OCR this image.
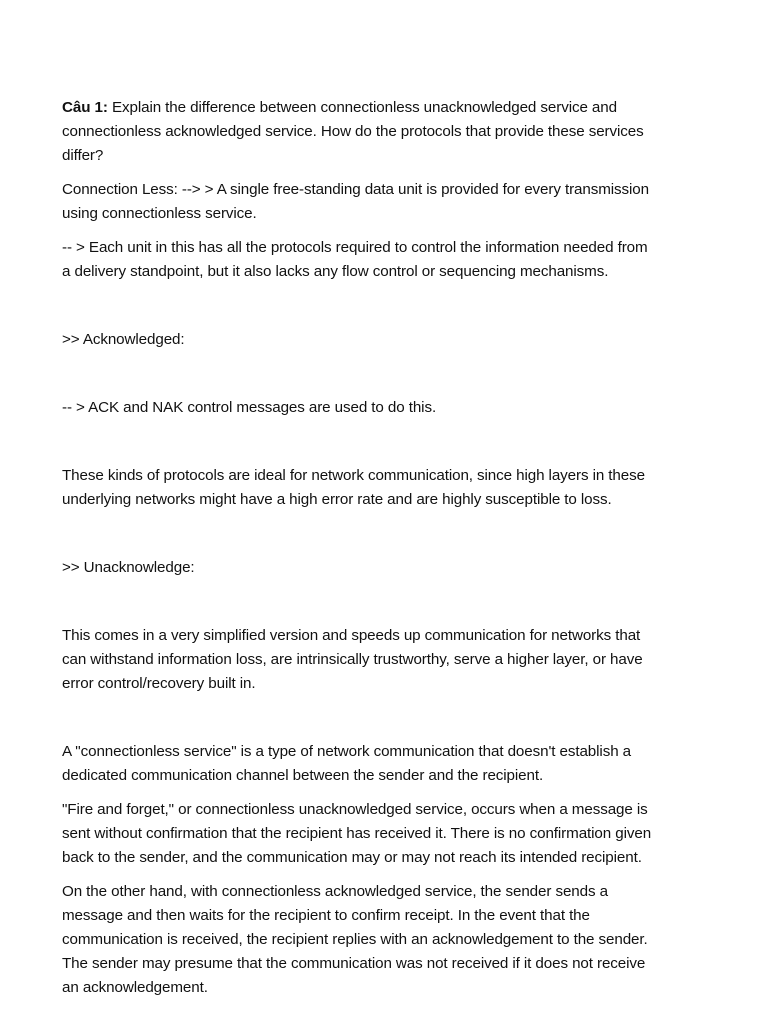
Câu 1: Explain the difference between connectionless unacknowledged service and
connectionless acknowledged service. How do the protocols that provide these services
differ?

Connection Less: --> > A single free-standing data unit is provided for every transmission
using connectionless service.

-- > Each unit in this has all the protocols required to control the information needed from
a delivery standpoint, but it also lacks any flow control or sequencing mechanisms.

>> Acknowledged:

-- > ACK and NAK control messages are used to do this.

These kinds of protocols are ideal for network communication, since high layers in these
underlying networks might have a high error rate and are highly susceptible to loss.

>> Unacknowledge:

This comes in a very simplified version and speeds up communication for networks that
can withstand information loss, are intrinsically trustworthy, serve a higher layer, or have
error control/recovery built in.

A "connectionless service" is a type of network communication that doesn't establish a
dedicated communication channel between the sender and the recipient.

"Fire and forget," or connectionless unacknowledged service, occurs when a message is
sent without confirmation that the recipient has received it. There is no confirmation given
back to the sender, and the communication may or may not reach its intended recipient.

On the other hand, with connectionless acknowledged service, the sender sends a
message and then waits for the recipient to confirm receipt. In the event that the
communication is received, the recipient replies with an acknowledgement to the sender.
The sender may presume that the communication was not received if it does not receive
an acknowledgement.
